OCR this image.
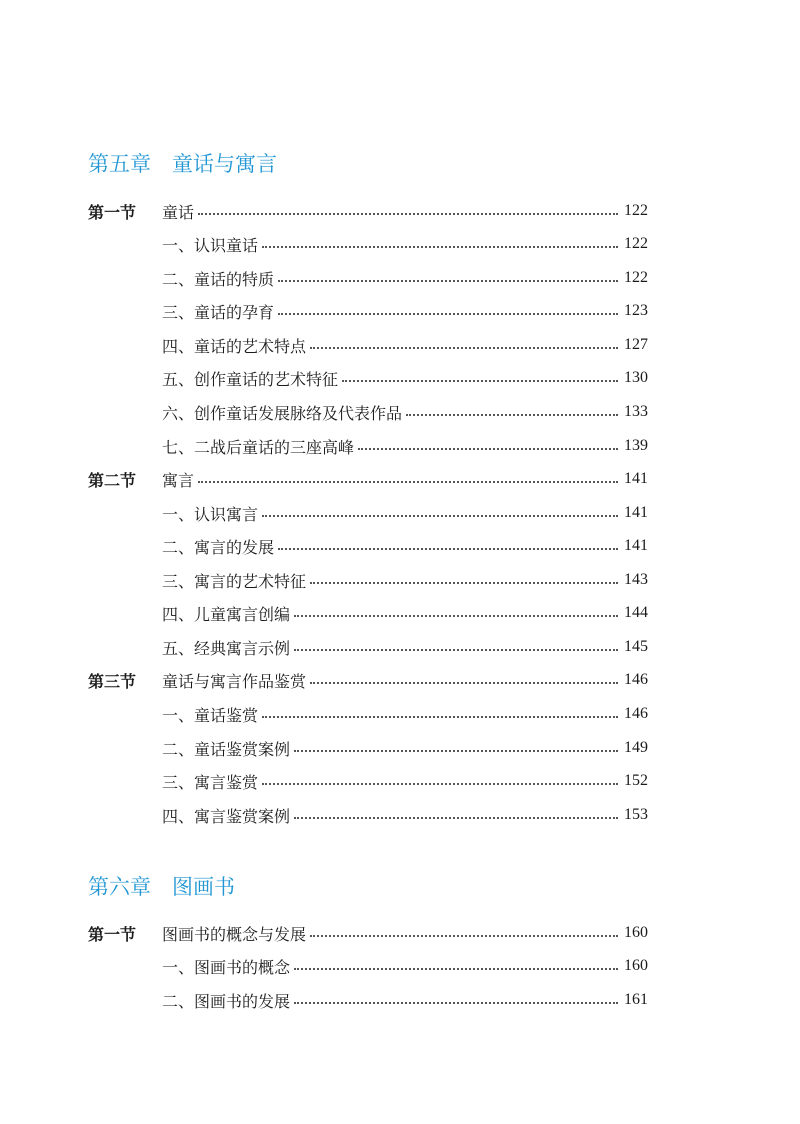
第五章　童话与寓言
第一节	童话	122
一、认识童话	122
二、童话的特质	122
三、童话的孕育	123
四、童话的艺术特点	127
五、创作童话的艺术特征	130
六、创作童话发展脉络及代表作品	133
七、二战后童话的三座高峰	139
第二节	寓言	141
一、认识寓言	141
二、寓言的发展	141
三、寓言的艺术特征	143
四、儿童寓言创编	144
五、经典寓言示例	145
第三节	童话与寓言作品鉴赏	146
一、童话鉴赏	146
二、童话鉴赏案例	149
三、寓言鉴赏	152
四、寓言鉴赏案例	153
第六章　图画书
第一节	图画书的概念与发展	160
一、图画书的概念	160
二、图画书的发展	161
